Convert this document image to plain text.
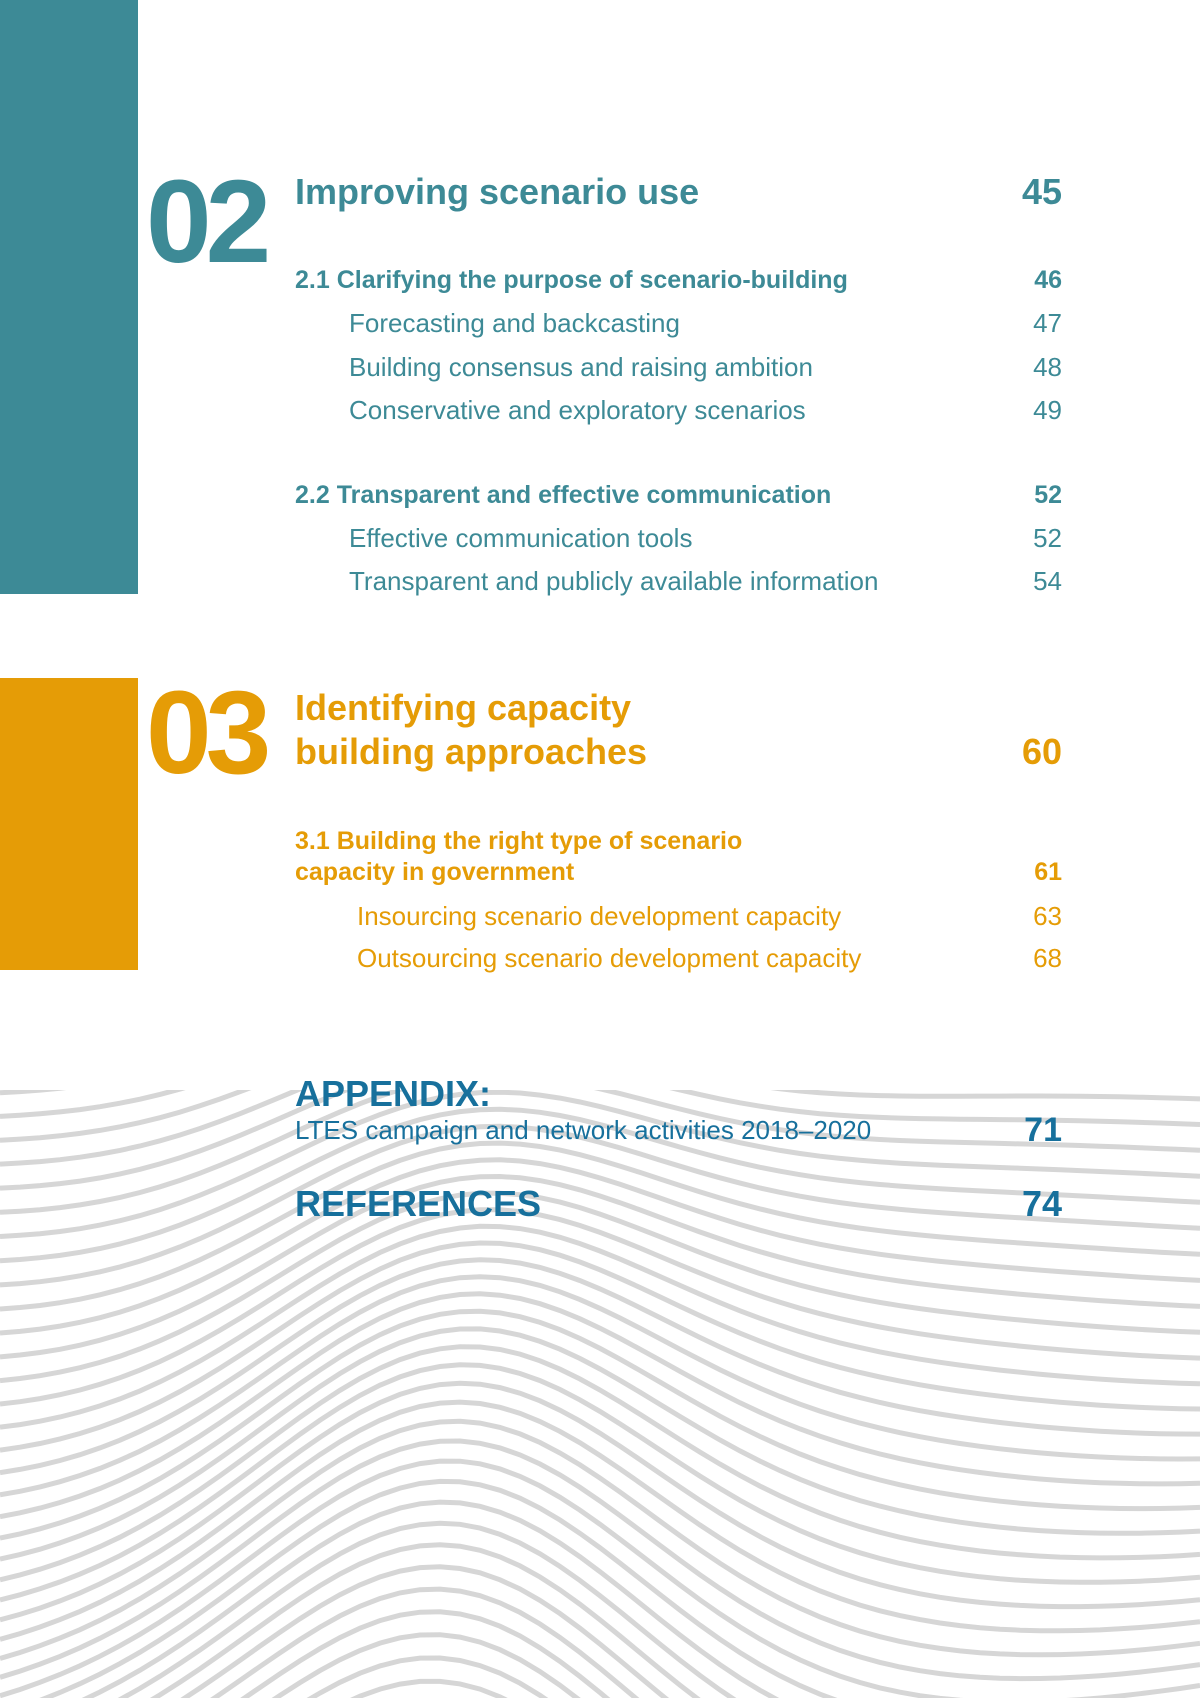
02 Improving scenario use	45
2.1 Clarifying the purpose of scenario-building	46
Forecasting and backcasting	47
Building consensus and raising ambition	48
Conservative and exploratory scenarios	49
2.2 Transparent and effective communication	52
Effective communication tools	52
Transparent and publicly available information	54
03 Identifying capacity
building approaches	60
3.1 Building the right type of scenario
capacity in government	61
Insourcing scenario development capacity	63
Outsourcing scenario development capacity	68
APPENDIX:
LTES campaign and network activities 2018–2020	71
REFERENCES	74
